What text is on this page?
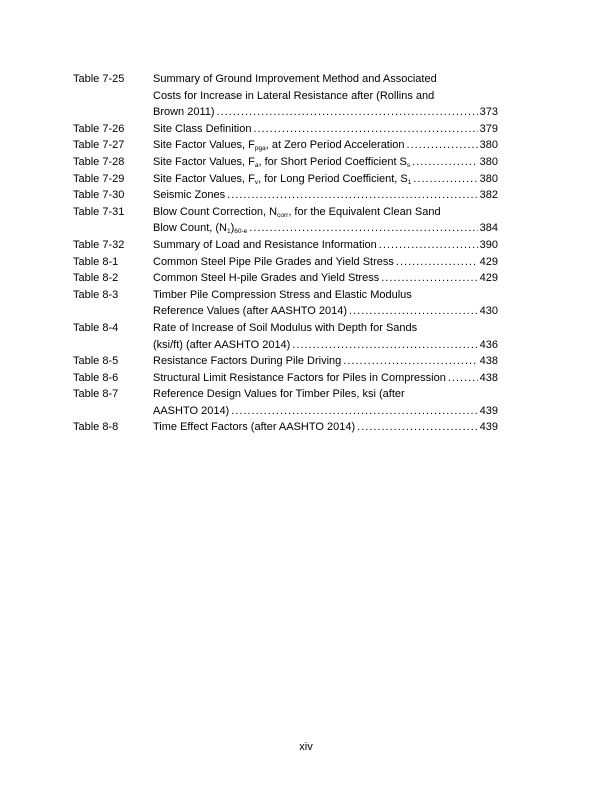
Table 7-25	Summary of Ground Improvement Method and Associated
Costs for Increase in Lateral Resistance after (Rollins and
Brown 2011) .....	373
Table 7-26	Site Class Definition .....	379
Table 7-27	Site Factor Values, $F_{pga}$, at Zero Period Acceleration .....	380
Table 7-28	Site Factor Values, $F_a$, for Short Period Coefficient $S_s$ .....	380
Table 7-29	Site Factor Values, $F_v$, for Long Period Coefficient, $S_1$ .....	380
Table 7-30	Seismic Zones .....	382
Table 7-31	Blow Count Correction, $N_{corr}$, for the Equivalent Clean Sand
Blow Count, $(N_1)_{60-e}$ .....	384
Table 7-32	Summary of Load and Resistance Information .....	390
Table 8-1	Common Steel Pipe Pile Grades and Yield Stress .....	429
Table 8-2	Common Steel H-pile Grades and Yield Stress .....	429
Table 8-3	Timber Pile Compression Stress and Elastic Modulus
Reference Values (after AASHTO 2014) .....	430
Table 8-4	Rate of Increase of Soil Modulus with Depth for Sands
(ksi/ft) (after AASHTO 2014) .....	436
Table 8-5	Resistance Factors During Pile Driving .....	438
Table 8-6	Structural Limit Resistance Factors for Piles in Compression .....	438
Table 8-7	Reference Design Values for Timber Piles, ksi (after
AASHTO 2014) .....	439
Table 8-8	Time Effect Factors (after AASHTO 2014) .....	439
xiv
